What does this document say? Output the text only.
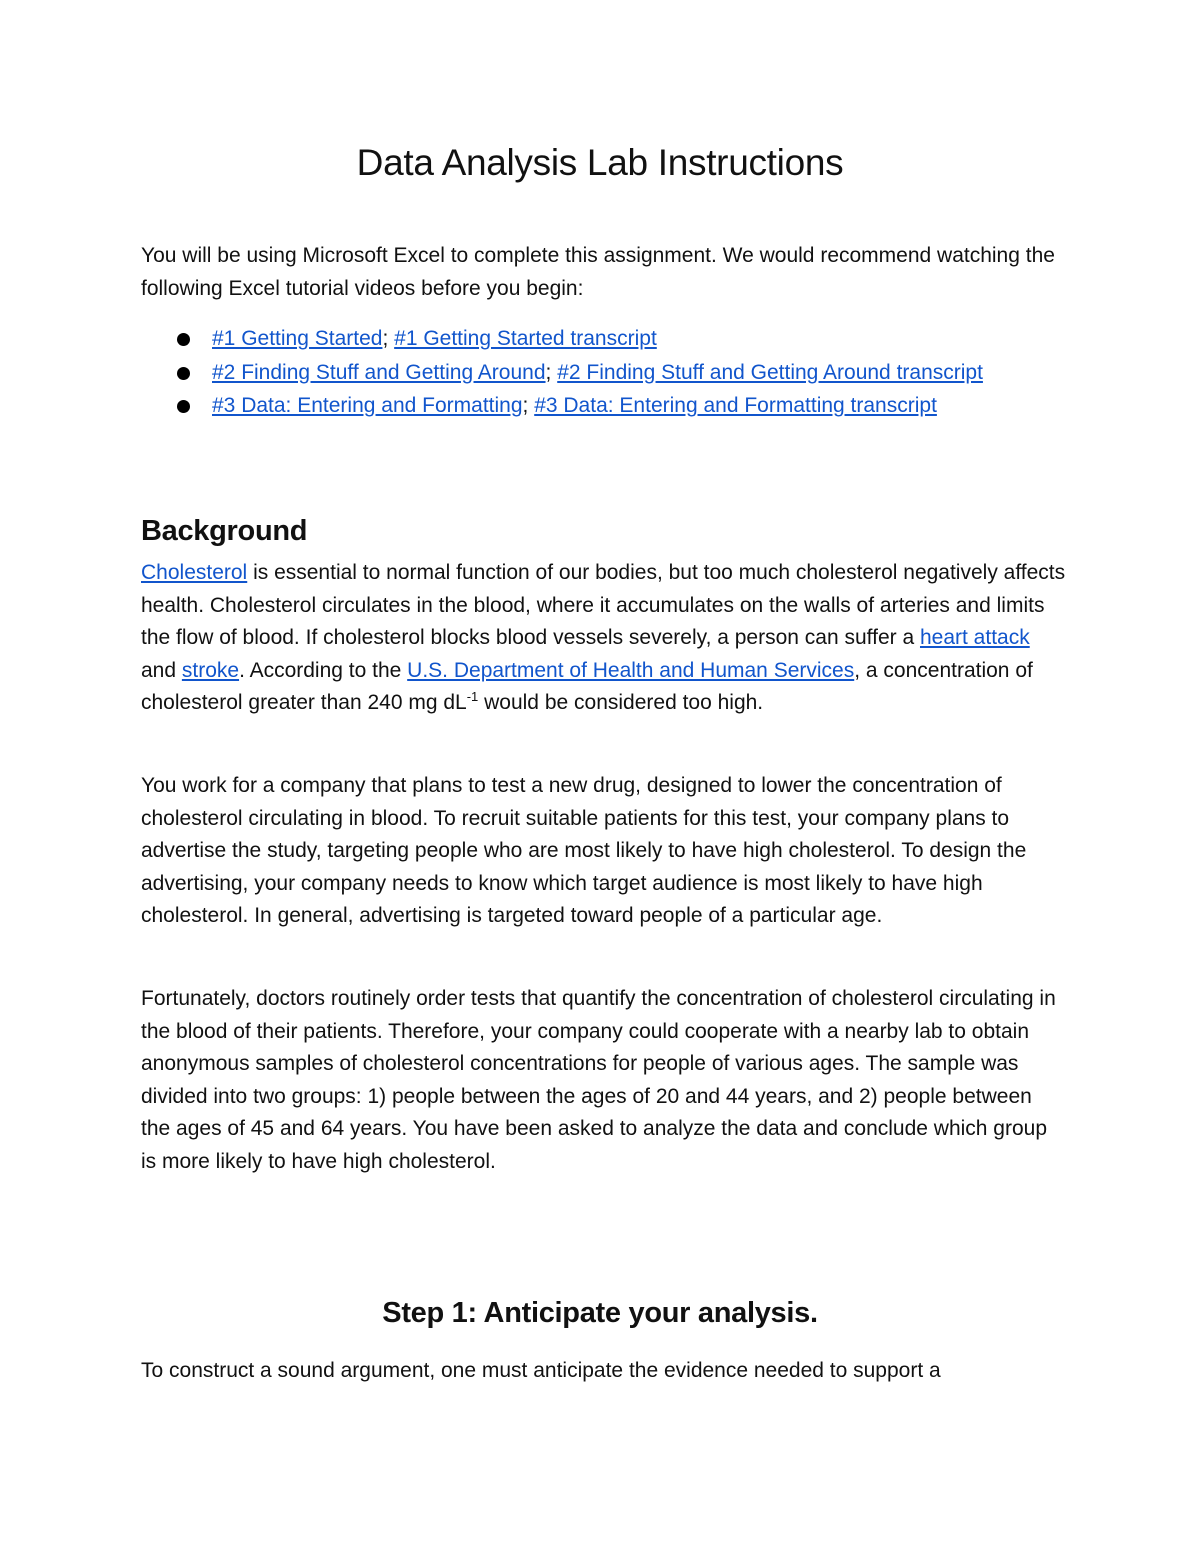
Data Analysis Lab Instructions

You will be using Microsoft Excel to complete this assignment. We would recommend watching the following Excel tutorial videos before you begin:

#1 Getting Started; #1 Getting Started transcript
#2 Finding Stuff and Getting Around; #2 Finding Stuff and Getting Around transcript
#3 Data: Entering and Formatting; #3 Data: Entering and Formatting transcript
Background

Cholesterol is essential to normal function of our bodies, but too much cholesterol negatively affects health. Cholesterol circulates in the blood, where it accumulates on the walls of arteries and limits the flow of blood. If cholesterol blocks blood vessels severely, a person can suffer a heart attack and stroke. According to the U.S. Department of Health and Human Services, a concentration of cholesterol greater than 240 mg $dL^{-1}$ would be considered too high.

You work for a company that plans to test a new drug, designed to lower the concentration of cholesterol circulating in blood. To recruit suitable patients for this test, your company plans to advertise the study, targeting people who are most likely to have high cholesterol. To design the advertising, your company needs to know which target audience is most likely to have high cholesterol. In general, advertising is targeted toward people of a particular age.

Fortunately, doctors routinely order tests that quantify the concentration of cholesterol circulating in the blood of their patients. Therefore, your company could cooperate with a nearby lab to obtain anonymous samples of cholesterol concentrations for people of various ages. The sample was divided into two groups: 1) people between the ages of 20 and 44 years, and 2) people between the ages of 45 and 64 years. You have been asked to analyze the data and conclude which group is more likely to have high cholesterol.

Step 1: Anticipate your analysis.

To construct a sound argument, one must anticipate the evidence needed to support a
